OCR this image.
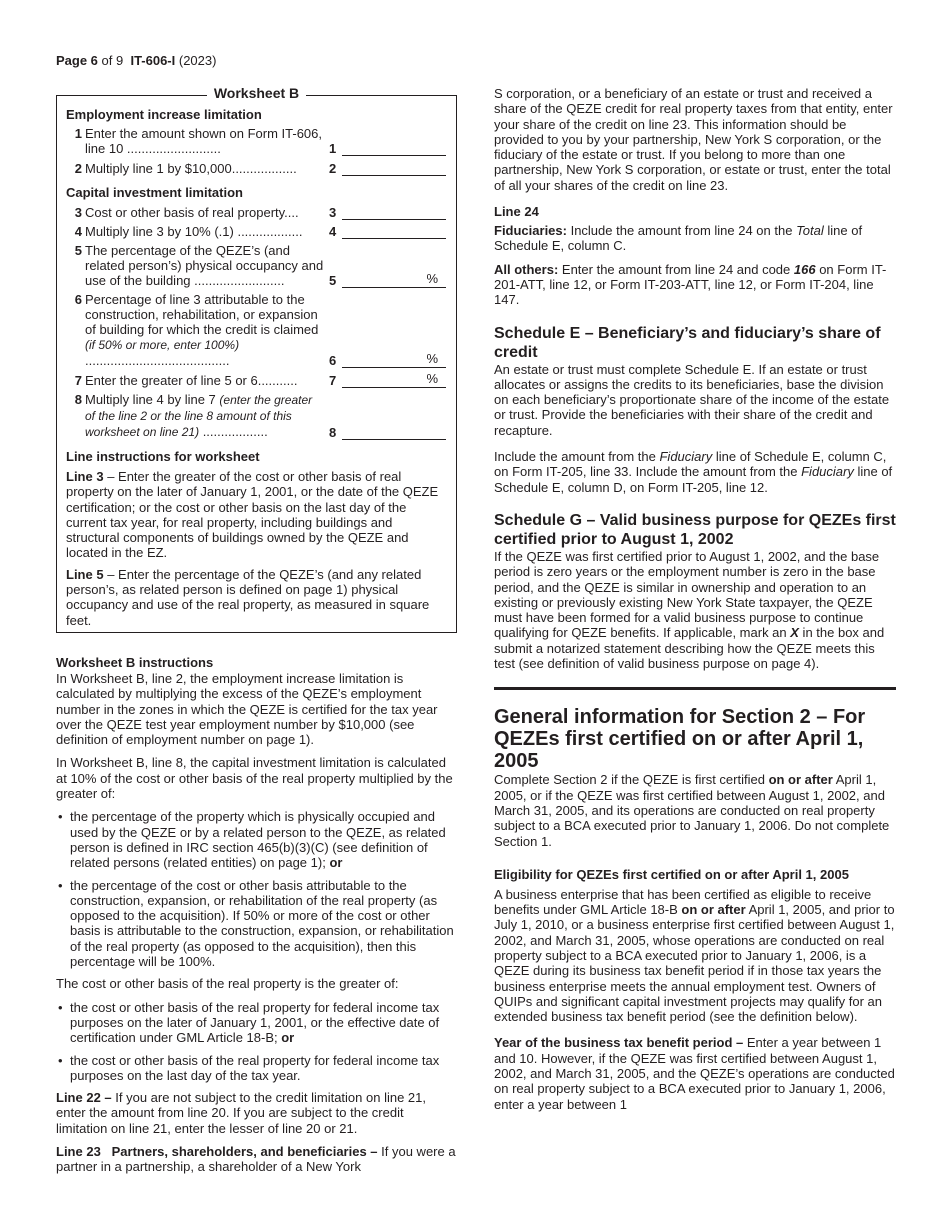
Page 6 of 9  IT-606-I (2023)
Worksheet B
Employment increase limitation
1 Enter the amount shown on Form IT-606, line 10 ..........................	1
2 Multiply line 1 by $10,000..................	2
Capital investment limitation
3 Cost or other basis of real property....	3
4 Multiply line 3 by 10% (.1) ..................	4
5 The percentage of the QEZE’s (and related person’s) physical occupancy and use of the building .........................	5	%
6 Percentage of line 3 attributable to the construction, rehabilitation, or expansion of building for which the credit is claimed (if 50% or more, enter 100%) ........................................	6	%
7 Enter the greater of line 5 or 6...........	7	%
8 Multiply line 4 by line 7 (enter the greater of the line 2 or the line 8 amount of this worksheet on line 21) ..................	8
Line instructions for worksheet

Line 3 – Enter the greater of the cost or other basis of real property on the later of January 1, 2001, or the date of the QEZE certification; or the cost or other basis on the last day of the current tax year, for real property, including buildings and structural components of buildings owned by the QEZE and located in the EZ.

Line 5 – Enter the percentage of the QEZE’s (and any related person’s, as related person is defined on page 1) physical occupancy and use of the real property, as measured in square feet.

Worksheet B instructions

In Worksheet B, line 2, the employment increase limitation is calculated by multiplying the excess of the QEZE’s employment number in the zones in which the QEZE is certified for the tax year over the QEZE test year employment number by $10,000 (see definition of employment number on page 1).

In Worksheet B, line 8, the capital investment limitation is calculated at 10% of the cost or other basis of the real property multiplied by the greater of:

• the percentage of the property which is physically occupied and used by the QEZE or by a related person to the QEZE, as related person is defined in IRC section 465(b)(3)(C) (see definition of related persons (related entities) on page 1); or
• the percentage of the cost or other basis attributable to the construction, expansion, or rehabilitation of the real property (as opposed to the acquisition). If 50% or more of the cost or other basis is attributable to the construction, expansion, or rehabilitation of the real property (as opposed to the acquisition), then this percentage will be 100%.

The cost or other basis of the real property is the greater of:

• the cost or other basis of the real property for federal income tax purposes on the later of January 1, 2001, or the effective date of certification under GML Article 18-B; or
• the cost or other basis of the real property for federal income tax purposes on the last day of the tax year.

Line 22 – If you are not subject to the credit limitation on line 21, enter the amount from line 20. If you are subject to the credit limitation on line 21, enter the lesser of line 20 or 21.

Line 23   Partners, shareholders, and beneficiaries – If you were a partner in a partnership, a shareholder of a New York

S corporation, or a beneficiary of an estate or trust and received a share of the QEZE credit for real property taxes from that entity, enter your share of the credit on line 23. This information should be provided to you by your partnership, New York S corporation, or the fiduciary of the estate or trust. If you belong to more than one partnership, New York S corporation, or estate or trust, enter the total of all your shares of the credit on line 23.

Line 24

Fiduciaries: Include the amount from line 24 on the Total line of Schedule E, column C.

All others: Enter the amount from line 24 and code 166 on Form IT-201-ATT, line 12, or Form IT-203-ATT, line 12, or Form IT-204, line 147.

Schedule E – Beneficiary’s and fiduciary’s share of credit

An estate or trust must complete Schedule E. If an estate or trust allocates or assigns the credits to its beneficiaries, base the division on each beneficiary’s proportionate share of the income of the estate or trust. Provide the beneficiaries with their share of the credit and recapture.

Include the amount from the Fiduciary line of Schedule E, column C, on Form IT-205, line 33. Include the amount from the Fiduciary line of Schedule E, column D, on Form IT-205, line 12.

Schedule G – Valid business purpose for QEZEs first certified prior to August 1, 2002

If the QEZE was first certified prior to August 1, 2002, and the base period is zero years or the employment number is zero in the base period, and the QEZE is similar in ownership and operation to an existing or previously existing New York State taxpayer, the QEZE must have been formed for a valid business purpose to continue qualifying for QEZE benefits. If applicable, mark an X in the box and submit a notarized statement describing how the QEZE meets this test (see definition of valid business purpose on page 4).

General information for Section 2 – For QEZEs first certified on or after April 1, 2005

Complete Section 2 if the QEZE is first certified on or after April 1, 2005, or if the QEZE was first certified between August 1, 2002, and March 31, 2005, and its operations are conducted on real property subject to a BCA executed prior to January 1, 2006. Do not complete Section 1.

Eligibility for QEZEs first certified on or after April 1, 2005

A business enterprise that has been certified as eligible to receive benefits under GML Article 18-B on or after April 1, 2005, and prior to July 1, 2010, or a business enterprise first certified between August 1, 2002, and March 31, 2005, whose operations are conducted on real property subject to a BCA executed prior to January 1, 2006, is a QEZE during its business tax benefit period if in those tax years the business enterprise meets the annual employment test. Owners of QUIPs and significant capital investment projects may qualify for an extended business tax benefit period (see the definition below).

Year of the business tax benefit period – Enter a year between 1 and 10. However, if the QEZE was first certified between August 1, 2002, and March 31, 2005, and the QEZE’s operations are conducted on real property subject to a BCA executed prior to January 1, 2006, enter a year between 1
